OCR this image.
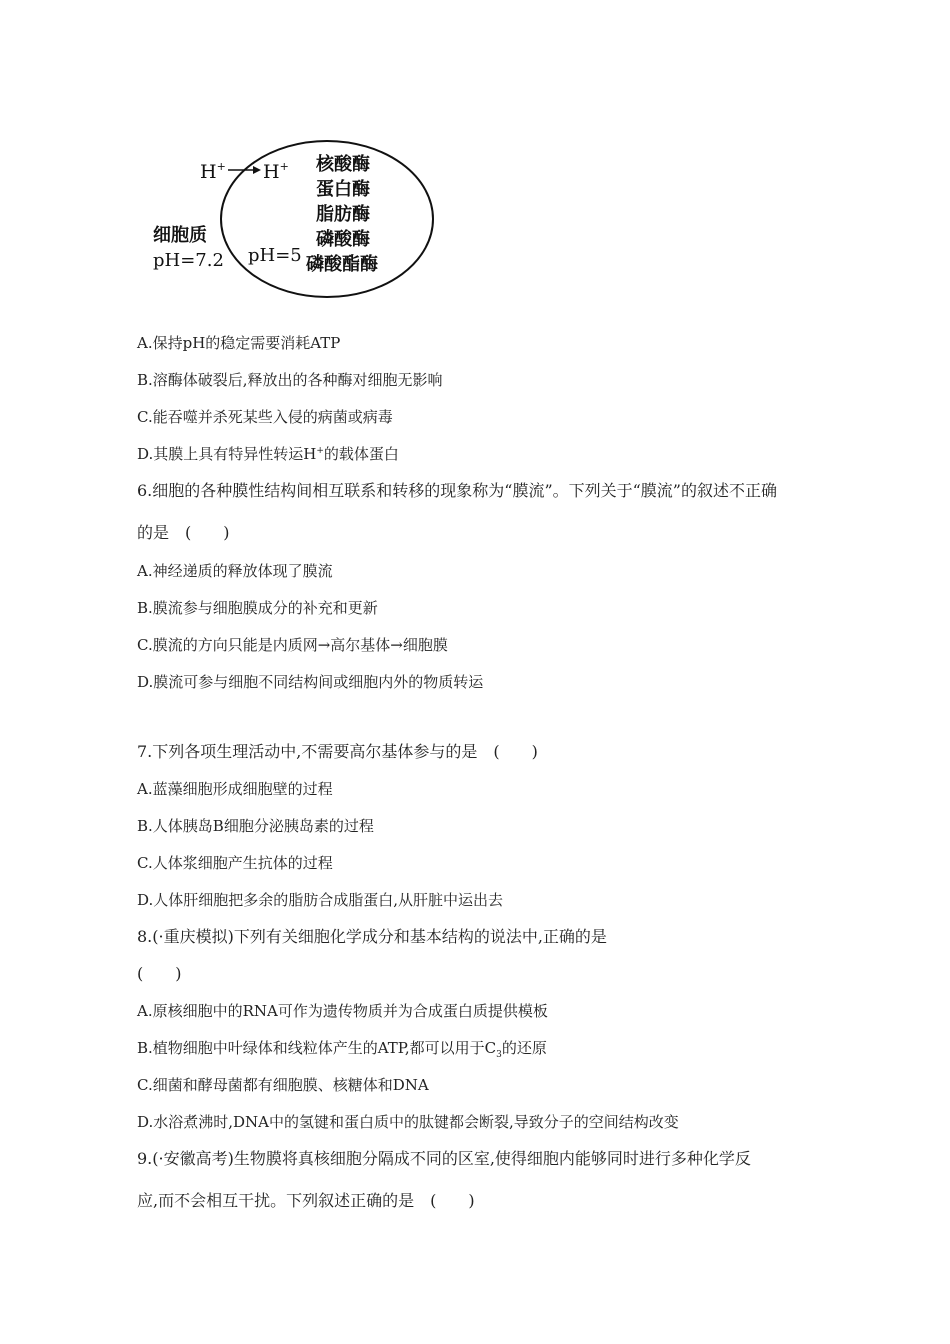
H+ H+
细胞质
pH=7.2 pH=5
核酸酶
蛋白酶
脂肪酶
磷酸酶
磷酸酯酶
A.保持pH的稳定需要消耗ATP
B.溶酶体破裂后,释放出的各种酶对细胞无影响
C.能吞噬并杀死某些入侵的病菌或病毒
D.其膜上具有特异性转运H+的载体蛋白
6.细胞的各种膜性结构间相互联系和转移的现象称为“膜流”。下列关于“膜流”的叙述不正确
的是　(　　)
A.神经递质的释放体现了膜流
B.膜流参与细胞膜成分的补充和更新
C.膜流的方向只能是内质网→高尔基体→细胞膜
D.膜流可参与细胞不同结构间或细胞内外的物质转运
7.下列各项生理活动中,不需要高尔基体参与的是　(　　)
A.蓝藻细胞形成细胞壁的过程
B.人体胰岛B细胞分泌胰岛素的过程
C.人体浆细胞产生抗体的过程
D.人体肝细胞把多余的脂肪合成脂蛋白,从肝脏中运出去
8.(·重庆模拟)下列有关细胞化学成分和基本结构的说法中,正确的是
(　　)
A.原核细胞中的RNA可作为遗传物质并为合成蛋白质提供模板
B.植物细胞中叶绿体和线粒体产生的ATP,都可以用于$C_3$的还原
C.细菌和酵母菌都有细胞膜、核糖体和DNA
D.水浴煮沸时,DNA中的氢键和蛋白质中的肽键都会断裂,导致分子的空间结构改变
9.(·安徽高考)生物膜将真核细胞分隔成不同的区室,使得细胞内能够同时进行多种化学反
应,而不会相互干扰。下列叙述正确的是　(　　)
